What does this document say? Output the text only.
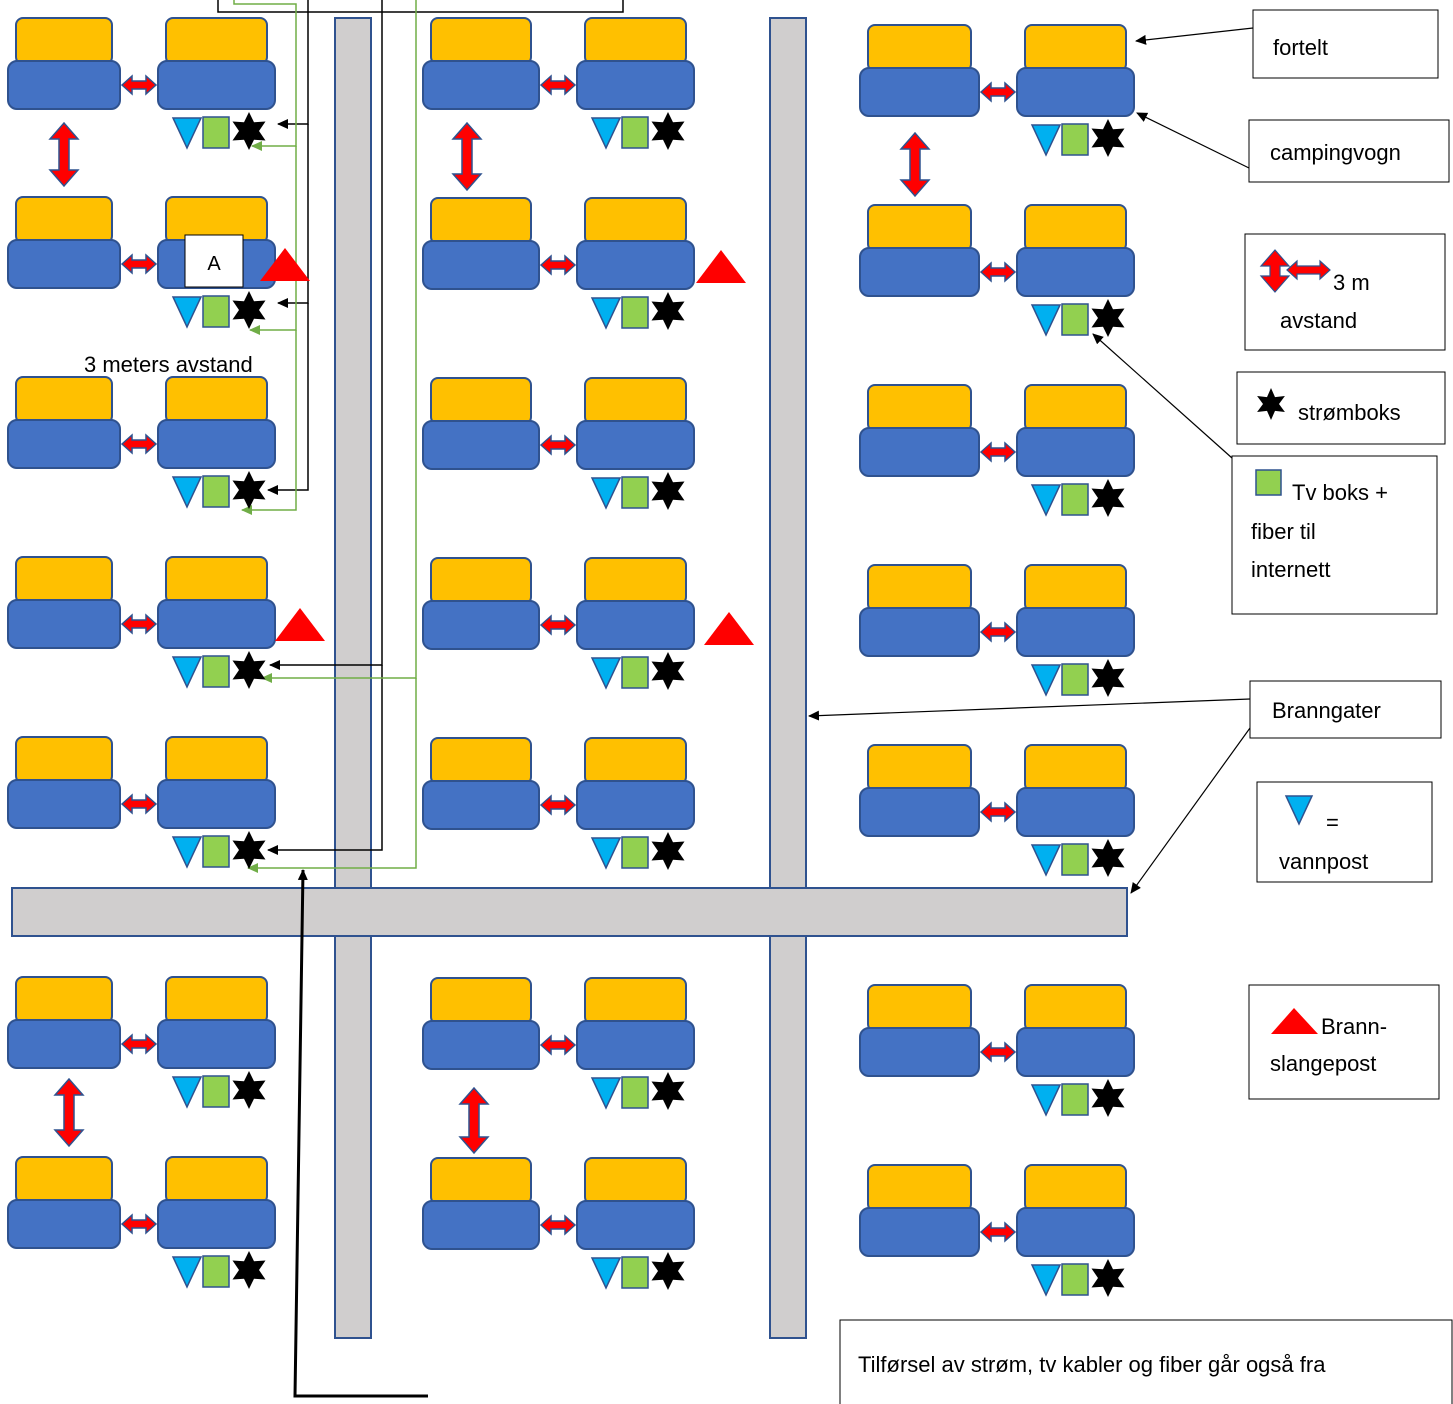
A
3 meters avstand
fortelt
campingvogn
3 m
avstand
strømboks
Tv boks +
fiber til
internett
Branngater
=
vannpost
Brann-
slangepost
Tilførsel av strøm, tv kabler og fiber går også fra
